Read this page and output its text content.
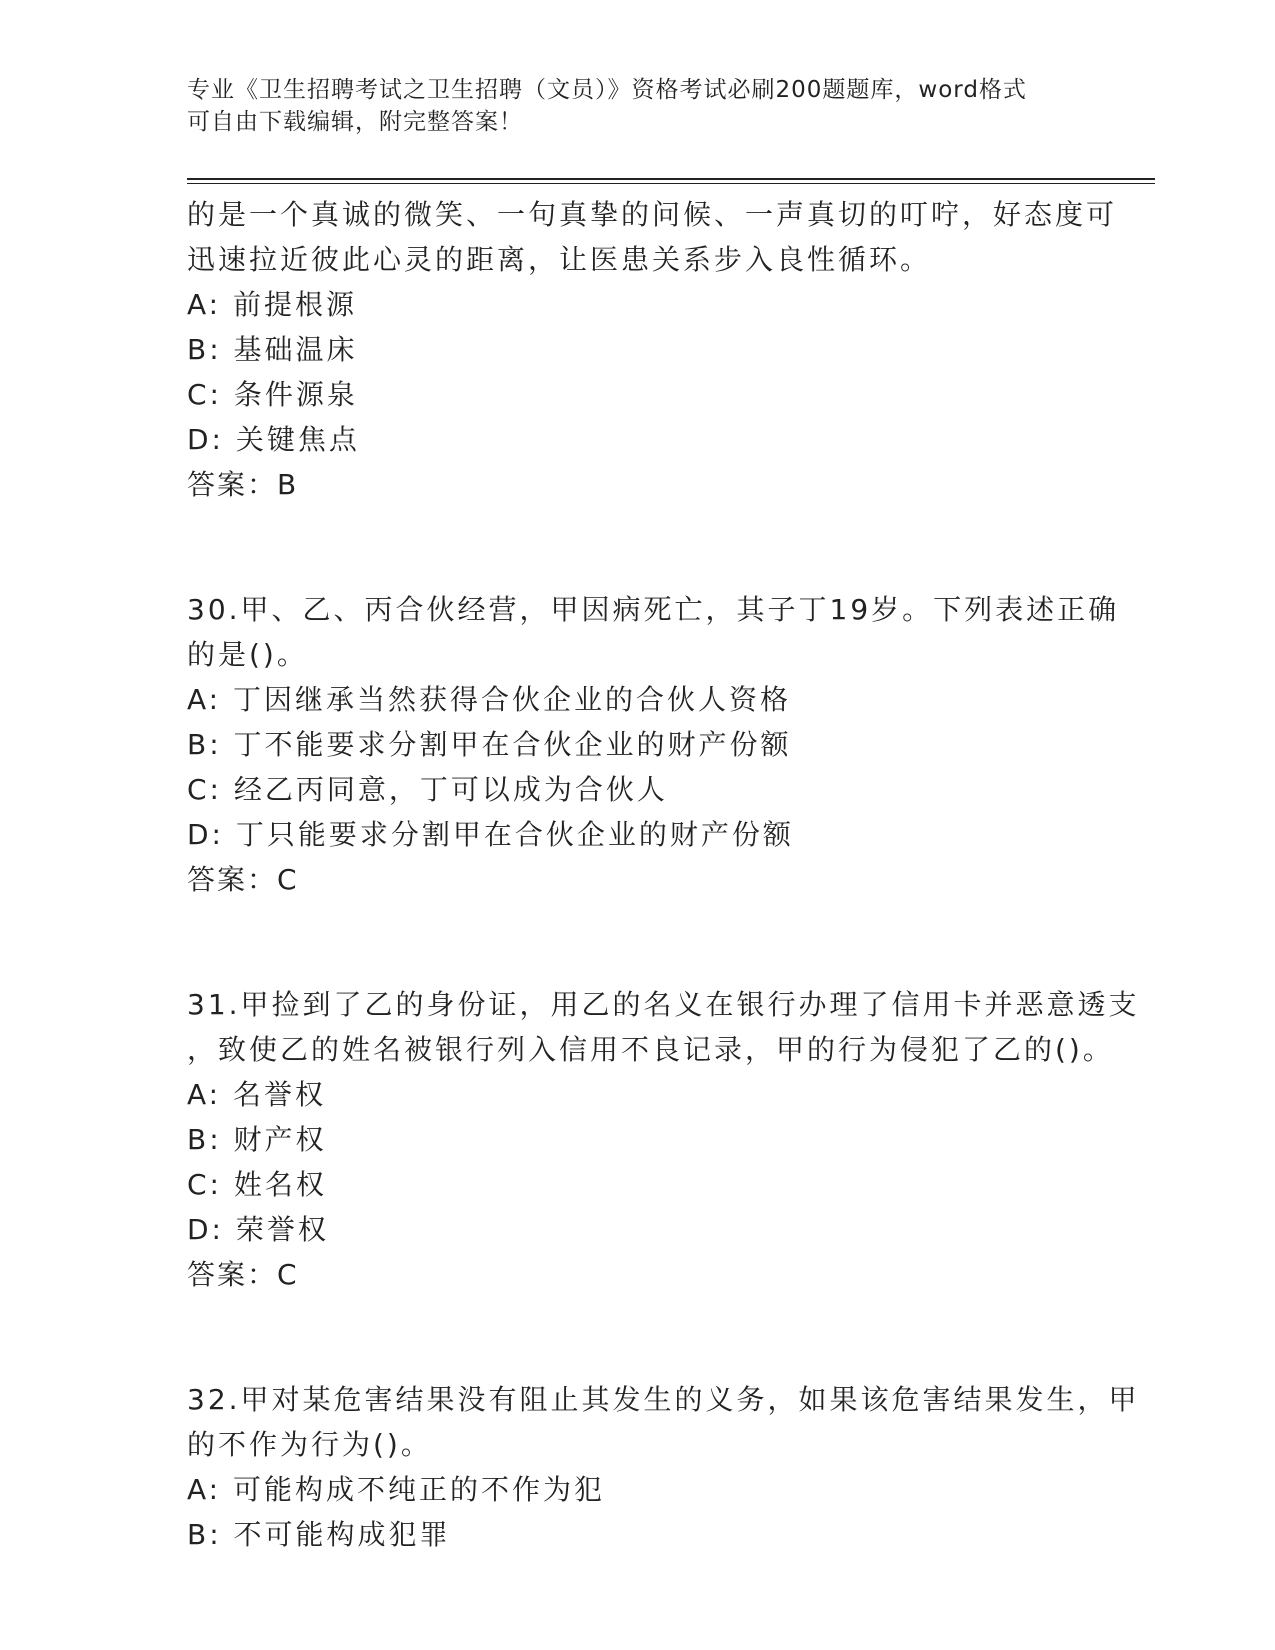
专业《卫生招聘考试之卫生招聘（文员）》资格考试必刷200题题库，word格式
可自由下载编辑，附完整答案！
的是一个真诚的微笑、一句真挚的问候、一声真切的叮咛，好态度可
迅速拉近彼此心灵的距离，让医患关系步入良性循环。
A: 前提根源
B: 基础温床
C: 条件源泉
D: 关键焦点
答案：B
30.甲、乙、丙合伙经营，甲因病死亡，其子丁19岁。下列表述正确
的是()。
A: 丁因继承当然获得合伙企业的合伙人资格
B: 丁不能要求分割甲在合伙企业的财产份额
C: 经乙丙同意，丁可以成为合伙人
D: 丁只能要求分割甲在合伙企业的财产份额
答案：C
31.甲捡到了乙的身份证，用乙的名义在银行办理了信用卡并恶意透支
，致使乙的姓名被银行列入信用不良记录，甲的行为侵犯了乙的()。
A: 名誉权
B: 财产权
C: 姓名权
D: 荣誉权
答案：C
32.甲对某危害结果没有阻止其发生的义务，如果该危害结果发生，甲
的不作为行为()。
A: 可能构成不纯正的不作为犯
B: 不可能构成犯罪
